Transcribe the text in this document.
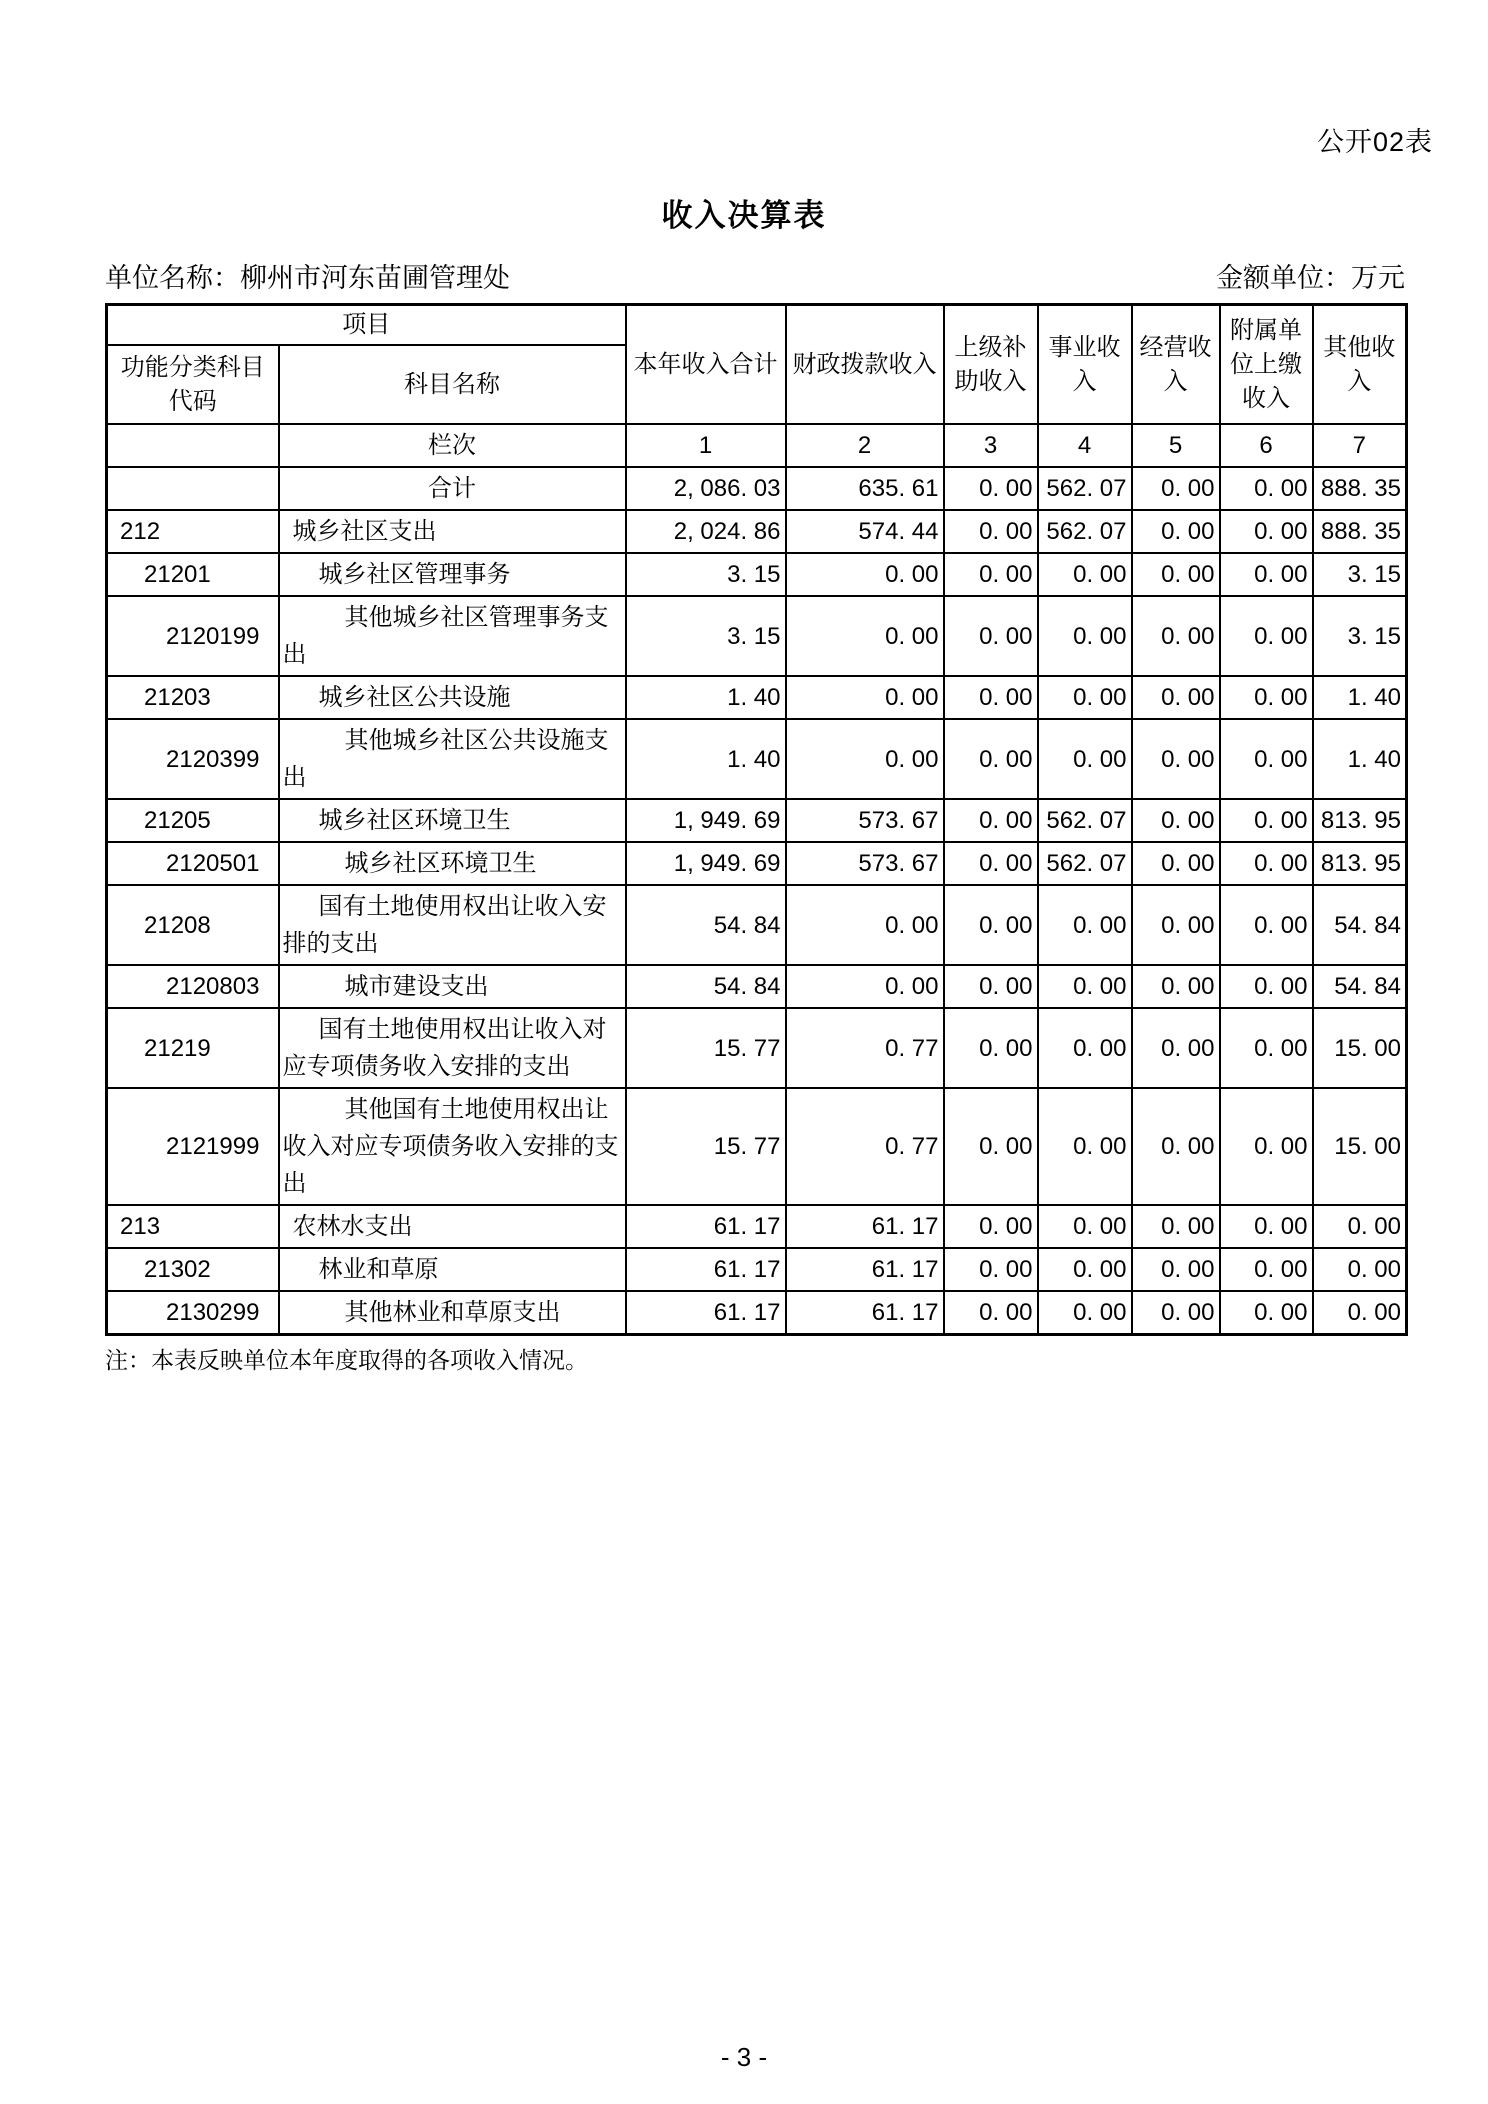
公开02表
收入决算表
单位名称：柳州市河东苗圃管理处	金额单位：万元
项目		本年收入合计	财政拨款收入	上级补助收入	事业收入	经营收入	附属单位上缴收入	其他收入
功能分类科目代码	科目名称							
	栏次	1	2	3	4	5	6	7
	合计	2, 086. 03	635. 61	0. 00	562. 07	0. 00	0. 00	888. 35
212	城乡社区支出	2, 024. 86	574. 44	0. 00	562. 07	0. 00	0. 00	888. 35
21201	城乡社区管理事务	3. 15	0. 00	0. 00	0. 00	0. 00	0. 00	3. 15
2120199	其他城乡社区管理事务支出	3. 15	0. 00	0. 00	0. 00	0. 00	0. 00	3. 15
21203	城乡社区公共设施	1. 40	0. 00	0. 00	0. 00	0. 00	0. 00	1. 40
2120399	其他城乡社区公共设施支出	1. 40	0. 00	0. 00	0. 00	0. 00	0. 00	1. 40
21205	城乡社区环境卫生	1, 949. 69	573. 67	0. 00	562. 07	0. 00	0. 00	813. 95
2120501	城乡社区环境卫生	1, 949. 69	573. 67	0. 00	562. 07	0. 00	0. 00	813. 95
21208	国有土地使用权出让收入安排的支出	54. 84	0. 00	0. 00	0. 00	0. 00	0. 00	54. 84
2120803	城市建设支出	54. 84	0. 00	0. 00	0. 00	0. 00	0. 00	54. 84
21219	国有土地使用权出让收入对应专项债务收入安排的支出	15. 77	0. 77	0. 00	0. 00	0. 00	0. 00	15. 00
2121999	其他国有土地使用权出让收入对应专项债务收入安排的支出	15. 77	0. 77	0. 00	0. 00	0. 00	0. 00	15. 00
213	农林水支出	61. 17	61. 17	0. 00	0. 00	0. 00	0. 00	0. 00
21302	林业和草原	61. 17	61. 17	0. 00	0. 00	0. 00	0. 00	0. 00
2130299	其他林业和草原支出	61. 17	61. 17	0. 00	0. 00	0. 00	0. 00	0. 00
注：本表反映单位本年度取得的各项收入情况。
- 3 -
